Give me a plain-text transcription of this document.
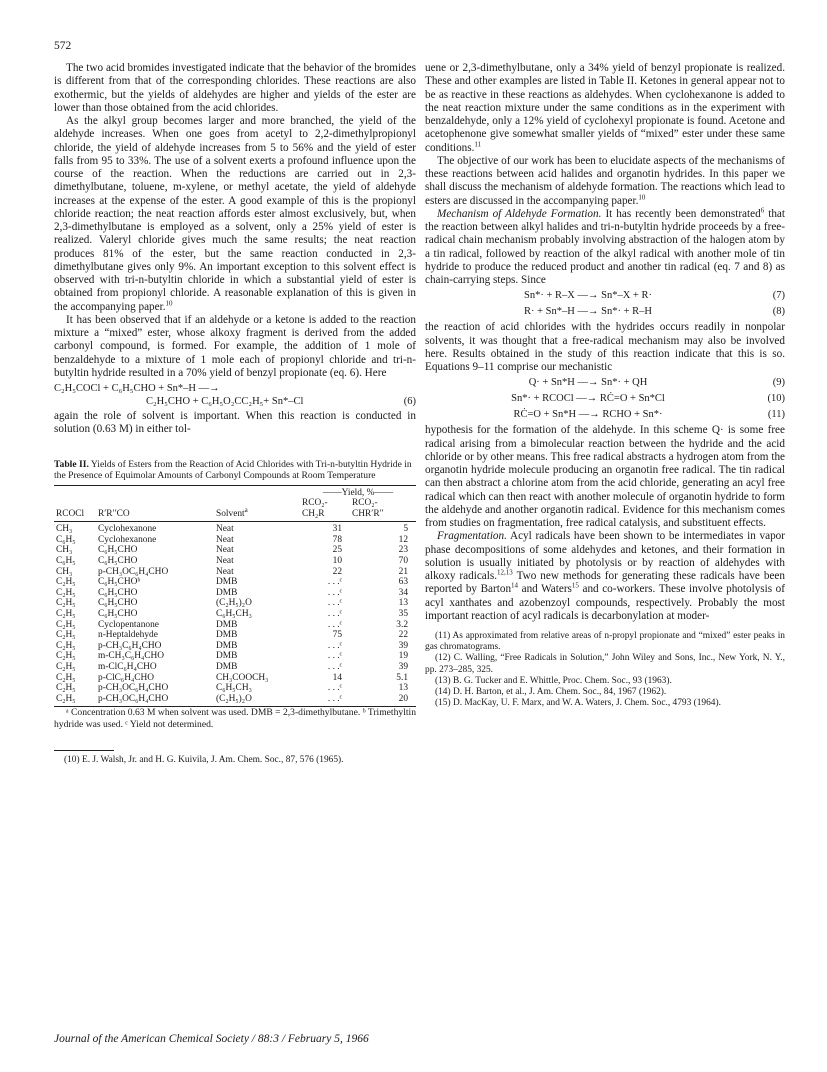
572

The two acid bromides investigated indicate that the behavior of the bromides is different from that of the corresponding chlorides. These reactions are also exothermic, but the yields of aldehydes are higher and yields of the ester are lower than those obtained from the acid chlorides.

As the alkyl group becomes larger and more branched, the yield of the aldehyde increases. When one goes from acetyl to 2,2-dimethylpropionyl chloride, the yield of aldehyde increases from 5 to 56% and the yield of ester falls from 95 to 33%. The use of a solvent exerts a profound influence upon the course of the reaction. When the reductions are carried out in 2,3-dimethylbutane, toluene, m-xylene, or methyl acetate, the yield of aldehyde increases at the expense of the ester. A good example of this is the propionyl chloride reaction; the neat reaction affords ester almost exclusively, but, when 2,3-dimethylbutane is employed as a solvent, only a 25% yield of ester is realized. Valeryl chloride gives much the same results; the neat reaction produces 81% of the ester, but the same reaction conducted in 2,3-dimethylbutane gives only 9%. An important exception to this solvent effect is observed with tri-n-butyltin chloride in which a substantial yield of ester is obtained from propionyl chloride. A reasonable explanation of this is given in the accompanying paper.$^{10}$

It has been observed that if an aldehyde or a ketone is added to the reaction mixture a “mixed” ester, whose alkoxy fragment is derived from the added carbonyl compound, is formed. For example, the addition of 1 mole of benzaldehyde to a mixture of 1 mole each of propionyl chloride and tri-n-butyltin hydride resulted in a 70% yield of benzyl propionate (eq. 6). Here

C₂H₅COCl + C₆H₅CHO + Sn*–H —→
C₂H₅CHO + C₆H₅O₂CC₂H₅+ Sn*–Cl	(6)

again the role of solvent is important. When this reaction is conducted in solution (0.63 M) in either tol-

Table II. Yields of Esters from the Reaction of Acid Chlorides with Tri-n-butyltin Hydride in the Presence of Equimolar Amounts of Carbonyl Compounds at Room Temperature
			——Yield, %——	
			RCO₂-	RCO₂-
RCOCl	R′R′′CO	Solvent$^a$	CH₂R	CHR′R′′
CH₃	Cyclohexanone	Neat	31	5
C₆H₅	Cyclohexanone	Neat	78	12
CH₃	C₆H₅CHO	Neat	25	23
C₆H₅	C₆H₅CHO	Neat	10	70
CH₃	p-CH₃OC₆H₄CHO	Neat	22	21
C₂H₅	C₆H₅CHOᵇ	DMB	. . .ᶜ	63
C₂H₅	C₆H₅CHO	DMB	. . .ᶜ	34
C₂H₅	C₆H₅CHO	(C₂H₅)₂O	. . .ᶜ	13
C₂H₅	C₆H₅CHO	C₆H₅CH₃	. . .ᶜ	35
C₂H₅	Cyclopentanone	DMB	. . .ᶜ	3.2
C₂H₅	n-Heptaldehyde	DMB	75	22
C₂H₅	p-CH₃C₆H₄CHO	DMB	. . .ᶜ	39
C₂H₅	m-CH₃C₆H₄CHO	DMB	. . .ᶜ	19
C₂H₅	m-ClC₆H₄CHO	DMB	. . .ᶜ	39
C₂H₅	p-ClC₆H₄CHO	CH₃COOCH₃	14	5.1
C₂H₅	p-CH₃OC₆H₄CHO	C₆H₅CH₃	. . .ᶜ	13
C₂H₅	p-CH₃OC₆H₄CHO	(C₂H₅)₂O	. . .ᶜ	20

ᵃ Concentration 0.63 M when solvent was used. DMB = 2,3-dimethylbutane. ᵇ Trimethyltin hydride was used. ᶜ Yield not determined.

(10) E. J. Walsh, Jr. and H. G. Kuivila, J. Am. Chem. Soc., 87, 576 (1965).

uene or 2,3-dimethylbutane, only a 34% yield of benzyl propionate is realized. These and other examples are listed in Table II. Ketones in general appear not to be as reactive in these reactions as aldehydes. When cyclohexanone is added to the neat reaction mixture under the same conditions as in the experiment with benzaldehyde, only a 12% yield of cyclohexyl propionate is found. Acetone and acetophenone give somewhat smaller yields of “mixed” ester under these same conditions.$^{11}$

The objective of our work has been to elucidate aspects of the mechanisms of these reactions between acid halides and organotin hydrides. In this paper we shall discuss the mechanism of aldehyde formation. The reactions which lead to esters are discussed in the accompanying paper.$^{10}$

Mechanism of Aldehyde Formation. It has recently been demonstrated$^6$ that the reaction between alkyl halides and tri-n-butyltin hydride proceeds by a free-radical chain mechanism probably involving abstraction of the halogen atom by a tin radical, followed by reaction of the alkyl radical with another mole of tin hydride to produce the reduced product and another tin radical (eq. 7 and 8) as chain-carrying steps. Since

Sn*· + R–X —→ Sn*–X + R·	(7)
R· + Sn*–H —→ Sn*· + R–H	(8)

the reaction of acid chlorides with the hydrides occurs readily in nonpolar solvents, it was thought that a free-radical mechanism may also be involved here. Results obtained in the study of this reaction indicate that this is so. Equations 9–11 comprise our mechanistic

Q· + Sn*H —→ Sn*· + QH	(9)
Sn*· + RCOCl —→ RĊ=O + Sn*Cl	(10)
RĊ=O + Sn*H —→ RCHO + Sn*·	(11)

hypothesis for the formation of the aldehyde. In this scheme Q· is some free radical arising from a bimolecular reaction between the hydride and the acid chloride or by other means. This free radical abstracts a hydrogen atom from the organotin hydride molecule producing an organotin free radical. The tin radical can then abstract a chlorine atom from the acid chloride, generating an acyl free radical which can then react with another molecule of organotin hydride to form the aldehyde and another organotin radical. Evidence for this mechanism comes from studies on fragmentation, free radical catalysis, and substituent effects.

Fragmentation. Acyl radicals have been shown to be intermediates in vapor phase decompositions of some aldehydes and ketones, and their formation in solution is usually initiated by photolysis or by reaction of aldehydes with alkoxy radicals.$^{12,13}$ Two new methods for generating these radicals have been reported by Barton$^{14}$ and Waters$^{15}$ and co-workers. These involve photolysis of acyl xanthates and azobenzoyl compounds, respectively. Probably the most important reaction of acyl radicals is decarbonylation at moder-

(11) As approximated from relative areas of n-propyl propionate and “mixed” ester peaks in gas chromatograms.

(12) C. Walling, “Free Radicals in Solution,” John Wiley and Sons, Inc., New York, N. Y., pp. 273–285, 325.

(13) B. G. Tucker and E. Whittle, Proc. Chem. Soc., 93 (1963).

(14) D. H. Barton, et al., J. Am. Chem. Soc., 84, 1967 (1962).

(15) D. MacKay, U. F. Marx, and W. A. Waters, J. Chem. Soc., 4793 (1964).

Journal of the American Chemical Society / 88:3 / February 5, 1966
